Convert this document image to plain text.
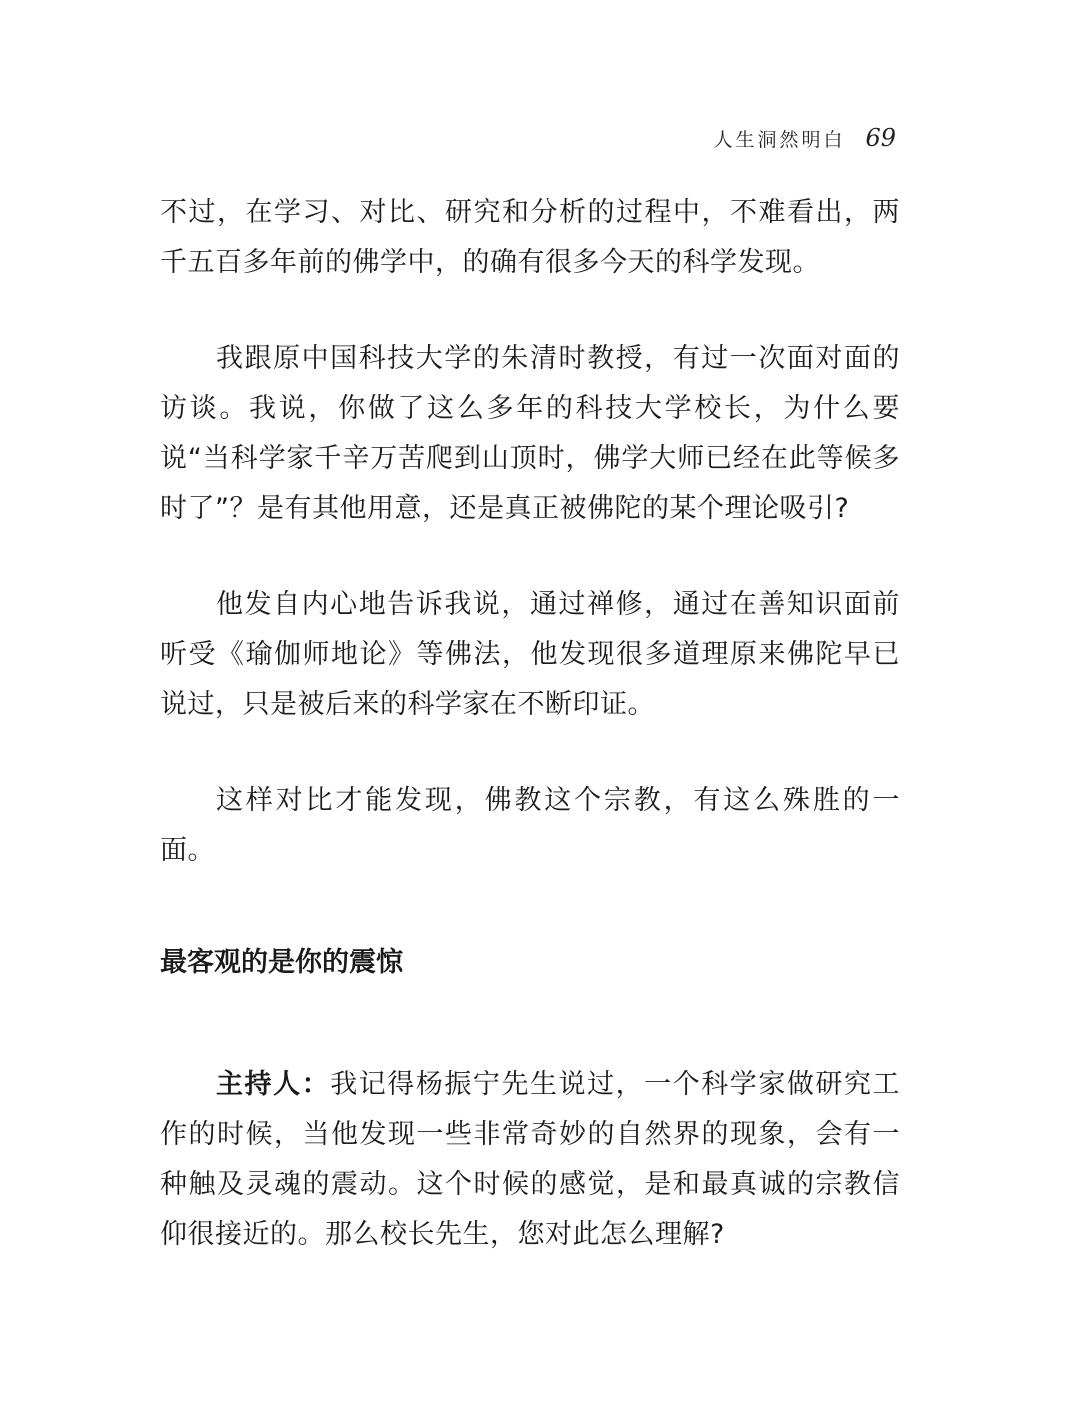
人生洞然明白 69

不过，在学习、对比、研究和分析的过程中，不难看出，两千五百多年前的佛学中，的确有很多今天的科学发现。

我跟原中国科技大学的朱清时教授，有过一次面对面的访谈。我说，你做了这么多年的科技大学校长，为什么要说“当科学家千辛万苦爬到山顶时，佛学大师已经在此等候多时了”？是有其他用意，还是真正被佛陀的某个理论吸引?

他发自内心地告诉我说，通过禅修，通过在善知识面前听受《瑜伽师地论》等佛法，他发现很多道理原来佛陀早已说过，只是被后来的科学家在不断印证。

这样对比才能发现，佛教这个宗教，有这么殊胜的一面。

最客观的是你的震惊

主持人：我记得杨振宁先生说过，一个科学家做研究工作的时候，当他发现一些非常奇妙的自然界的现象，会有一种触及灵魂的震动。这个时候的感觉，是和最真诚的宗教信仰很接近的。那么校长先生，您对此怎么理解?
